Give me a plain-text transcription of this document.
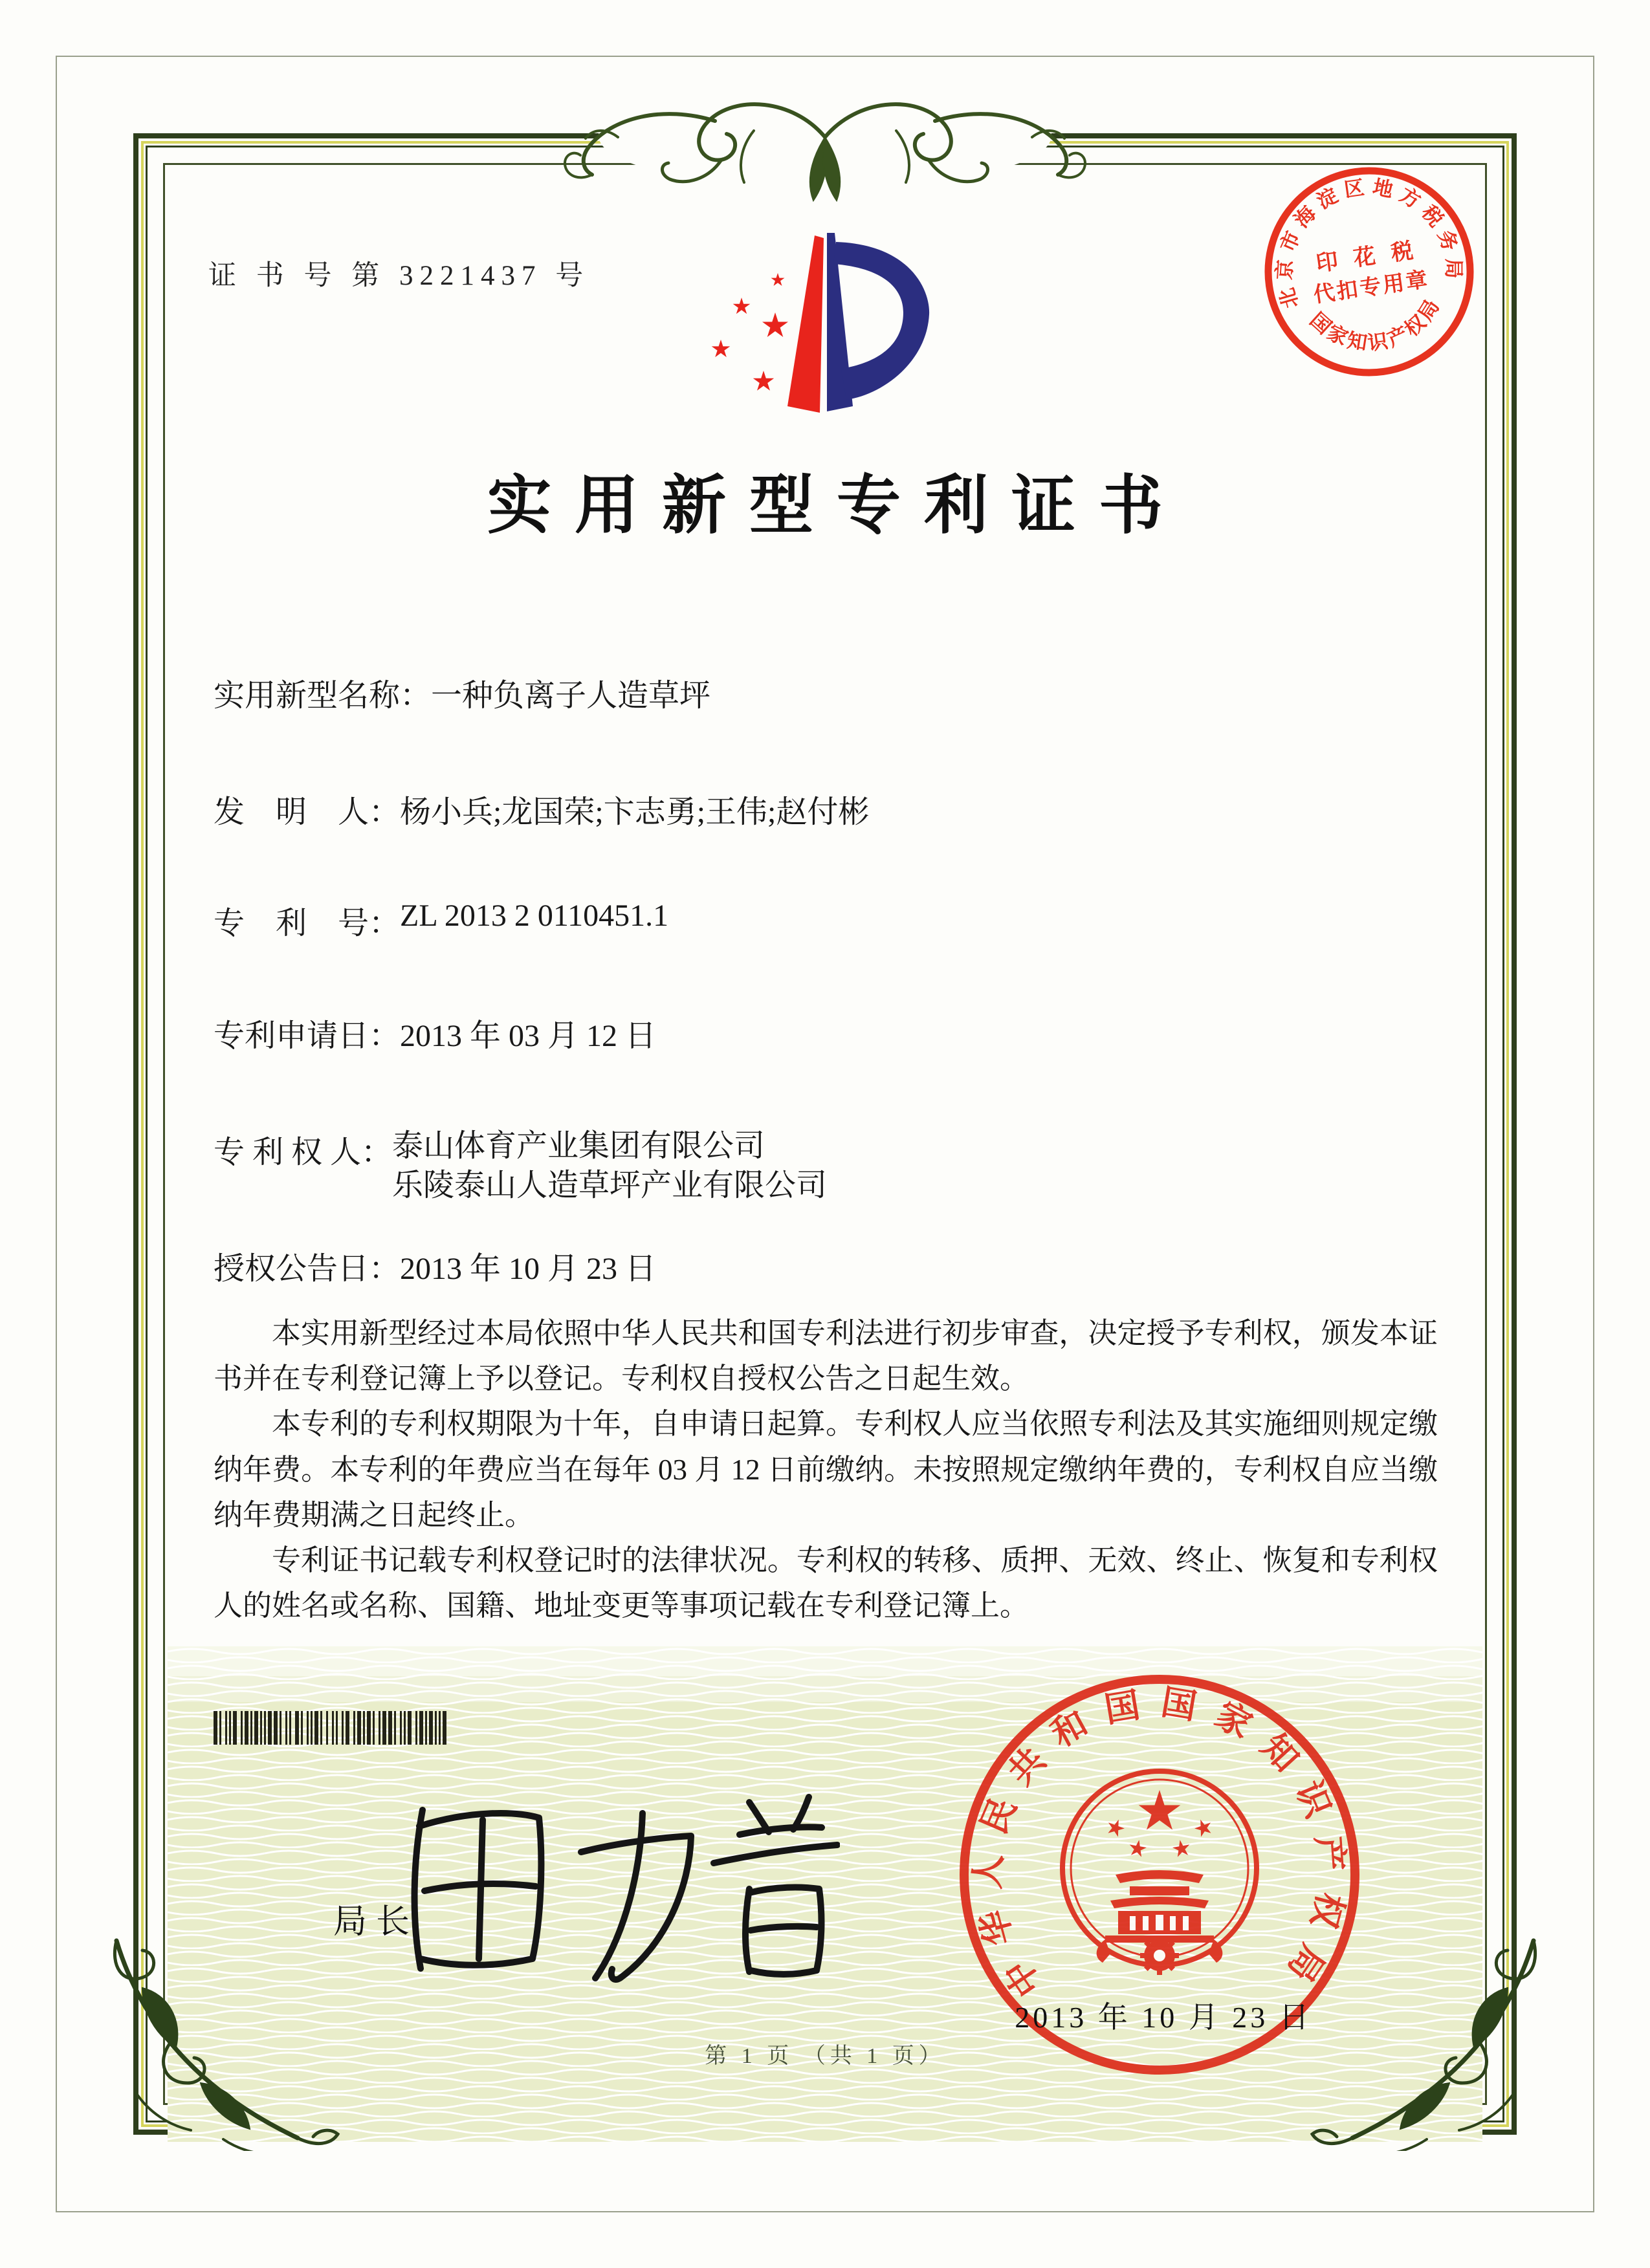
证 书 号 第 3221437 号
北京市海淀区地方税务局
国家知识产权局
印 花 税
代扣专用章
实用新型专利证书
实用新型名称： 一种负离子人造草坪
发　明　人： 杨小兵;龙国荣;卞志勇;王伟;赵付彬
专　利　号： ZL 2013 2 0110451.1
专利申请日： 2013 年 03 月 12 日
专 利 权 人： 泰山体育产业集团有限公司
乐陵泰山人造草坪产业有限公司
授权公告日： 2013 年 10 月 23 日

本实用新型经过本局依照中华人民共和国专利法进行初步审查，决定授予专利权，颁发本证书并在专利登记簿上予以登记。专利权自授权公告之日起生效。

本专利的专利权期限为十年，自申请日起算。专利权人应当依照专利法及其实施细则规定缴纳年费。本专利的年费应当在每年 03 月 12 日前缴纳。未按照规定缴纳年费的，专利权自应当缴纳年费期满之日起终止。

专利证书记载专利权登记时的法律状况。专利权的转移、质押、无效、终止、恢复和专利权人的姓名或名称、国籍、地址变更等事项记载在专利登记簿上。

局长
中华人民共和国国家知识产权局
2013 年 10 月 23 日
第 1 页 （共 1 页）
